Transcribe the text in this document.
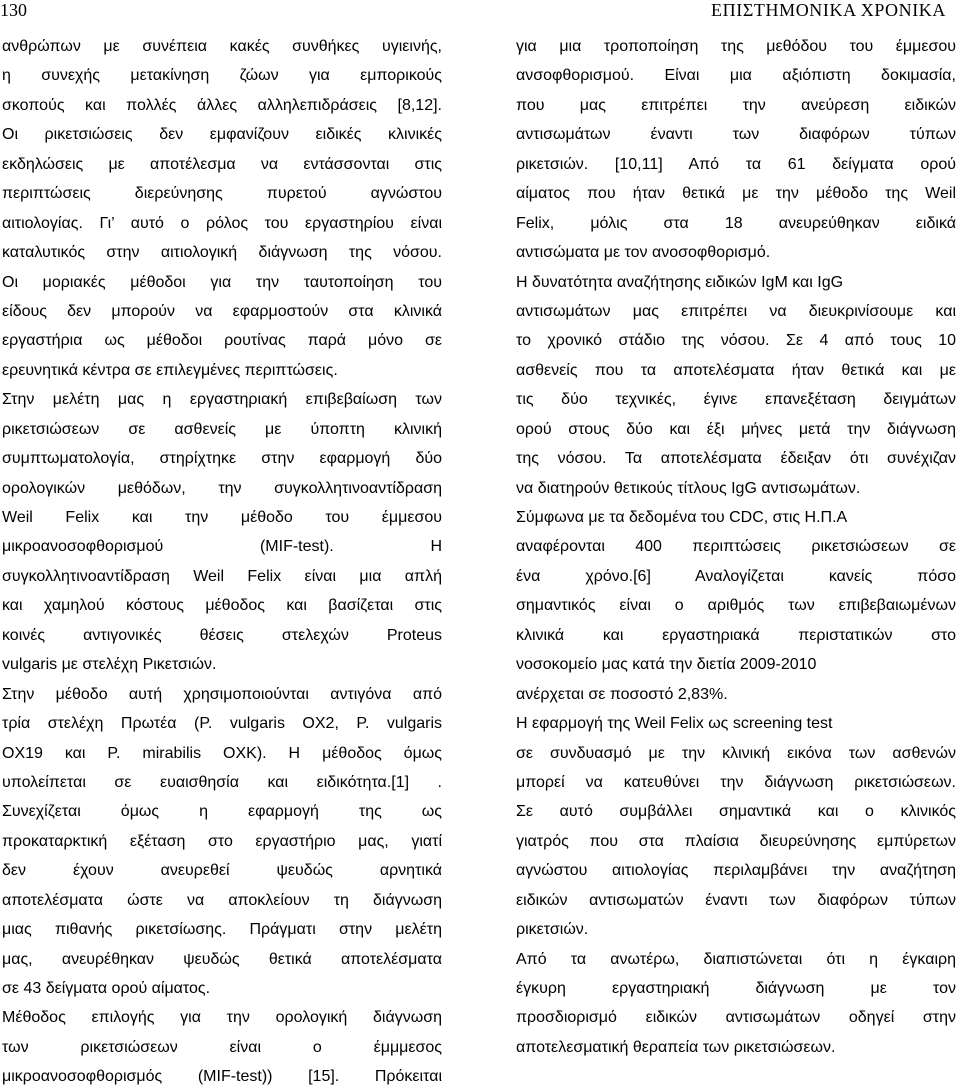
130	ΕΠΙΣΤΗΜΟΝΙΚΑ ΧΡΟΝΙΚΑ
ανθρώπων με συνέπεια κακές συνθήκες υγιεινής,
η συνεχής μετακίνηση ζώων για εμπορικούς
σκοπούς και πολλές άλλες αλληλεπιδράσεις [8,12].
Οι ρικετσιώσεις δεν εμφανίζουν ειδικές κλινικές
εκδηλώσεις με αποτέλεσμα να εντάσσονται στις
περιπτώσεις διερεύνησης πυρετού αγνώστου
αιτιολογίας. Γι’ αυτό ο ρόλος του εργαστηρίου είναι
καταλυτικός στην αιτιολογική διάγνωση της νόσου.
Οι μοριακές μέθοδοι για την ταυτοποίηση του
είδους δεν μπορούν να εφαρμοστούν στα κλινικά
εργαστήρια ως μέθοδοι ρουτίνας παρά μόνο σε
ερευνητικά κέντρα σε επιλεγμένες περιπτώσεις.
Στην μελέτη μας η εργαστηριακή επιβεβαίωση των
ρικετσιώσεων σε ασθενείς με ύποπτη κλινική
συμπτωματολογία, στηρίχτηκε στην εφαρμογή δύο
ορολογικών μεθόδων, την συγκολλητινοαντίδραση
Weil Felix και την μέθοδο του έμμεσου
μικροανοσοφθορισμού (MIF-test). Η
συγκολλητινοαντίδραση Weil Felix είναι μια απλή
και χαμηλού κόστους μέθοδος και βασίζεται στις
κοινές αντιγονικές θέσεις στελεχών Proteus
vulgaris με στελέχη Ρικετσιών.
Στην μέθοδο αυτή χρησιμοποιούνται αντιγόνα από
τρία στελέχη Πρωτέα (P. vulgaris OX2, P. vulgaris
OX19 και P. mirabilis OXK). Η μέθοδος όμως
υπολείπεται σε ευαισθησία και ειδικότητα.[1] .
Συνεχίζεται όμως η εφαρμογή της ως
προκαταρκτική εξέταση στο εργαστήριο μας, γιατί
δεν έχουν ανευρεθεί ψευδώς αρνητικά
αποτελέσματα ώστε να αποκλείουν τη διάγνωση
μιας πιθανής ρικετσίωσης. Πράγματι στην μελέτη
μας, ανευρέθηκαν ψευδώς θετικά αποτελέσματα
σε 43 δείγματα ορού αίματος.
Μέθοδος επιλογής για την ορολογική διάγνωση
των ρικετσιώσεων είναι ο έμμμεσος
μικροανοσοφθορισμός (MIF-test)) [15]. Πρόκειται
για μια τροποποίηση της μεθόδου του έμμεσου
ανσοφθορισμού. Είναι μια αξιόπιστη δοκιμασία,
που μας επιτρέπει την ανεύρεση ειδικών
αντισωμάτων έναντι των διαφόρων τύπων
ρικετσιών. [10,11] Από τα 61 δείγματα ορού
αίματος που ήταν θετικά με την μέθοδο της Weil
Felix, μόλις στα 18 ανευρεύθηκαν ειδικά
αντισώματα με τον ανοσοφθορισμό.
Η δυνατότητα αναζήτησης ειδικών IgM και IgG
αντισωμάτων μας επιτρέπει να διευκρινίσουμε και
το χρονικό στάδιο της νόσου. Σε 4 από τους 10
ασθενείς που τα αποτελέσματα ήταν θετικά και με
τις δύο τεχνικές, έγινε επανεξέταση δειγμάτων
ορού στους δύο και έξι μήνες μετά την διάγνωση
της νόσου. Τα αποτελέσματα έδειξαν ότι συνέχιζαν
να διατηρούν θετικούς τίτλους IgG αντισωμάτων.
Σύμφωνα με τα δεδομένα του CDC, στις Η.Π.Α
αναφέρονται 400 περιπτώσεις ρικετσιώσεων σε
ένα χρόνο.[6] Αναλογίζεται κανείς πόσο
σημαντικός είναι ο αριθμός των επιβεβαιωμένων
κλινικά και εργαστηριακά περιστατικών στο
νοσοκομείο μας κατά την διετία 2009-2010
ανέρχεται σε ποσοστό 2,83%.
Η εφαρμογή της Weil Felix ως screening test
σε συνδυασμό με την κλινική εικόνα των ασθενών
μπορεί να κατευθύνει την διάγνωση ρικετσιώσεων.
Σε αυτό συμβάλλει σημαντικά και ο κλινικός
γιατρός που στα πλαίσια διευρεύνησης εμπύρετων
αγνώστου αιτιολογίας περιλαμβάνει την αναζήτηση
ειδικών αντισωματών έναντι των διαφόρων τύπων
ρικετσιών.
Από τα ανωτέρω, διαπιστώνεται ότι η έγκαιρη
έγκυρη εργαστηριακή διάγνωση με τον
προσδιορισμό ειδικών αντισωμάτων οδηγεί στην
αποτελεσματική θεραπεία των ρικετσιώσεων.
